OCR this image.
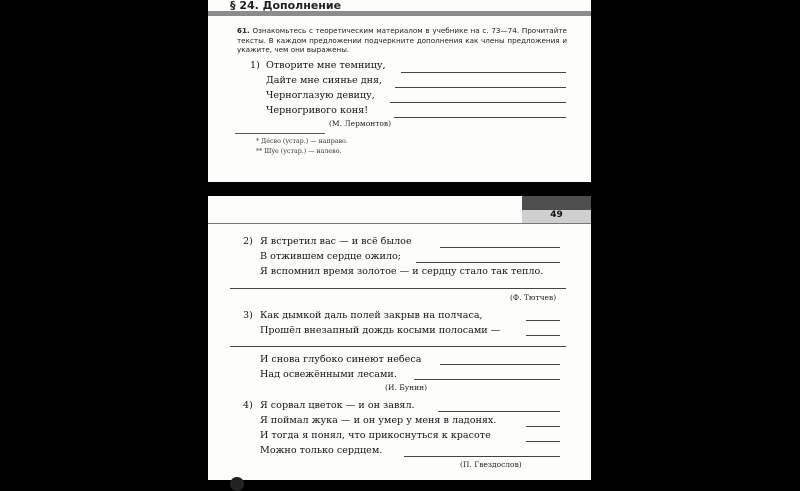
§ 24. Дополнение
61. Ознакомьтесь с теоретическим материалом в учебнике на с. 73—74. Прочитайте тексты. В каждом предложении подчеркните дополнения как члены предложения и укажите, чем они выражены.
1) Отворите мне темницу,
Дайте мне сиянье дня,
Черноглазую девицу,
Черногривого коня!
(М. Лермонтов)
* Дéсво (устар.) — направо.
** Шýе (устар.) — налево.
49
2) Я встретил вас — и всё былое
В отжившем сердце ожило;
Я вспомнил время золотое — и сердцу стало так тепло.
(Ф. Тютчев)
3) Как дымкой даль полей закрыв на полчаса,
Прошёл внезапный дождь косыми полосами —
И снова глубоко синеют небеса
Над освежёнными лесами.
(И. Бунин)
4) Я сорвал цветок — и он завял.
Я поймал жука — и он умер у меня в ладонях.
И тогда я понял, что прикоснуться к красоте
Можно только сердцем.
(П. Гвездослов)
